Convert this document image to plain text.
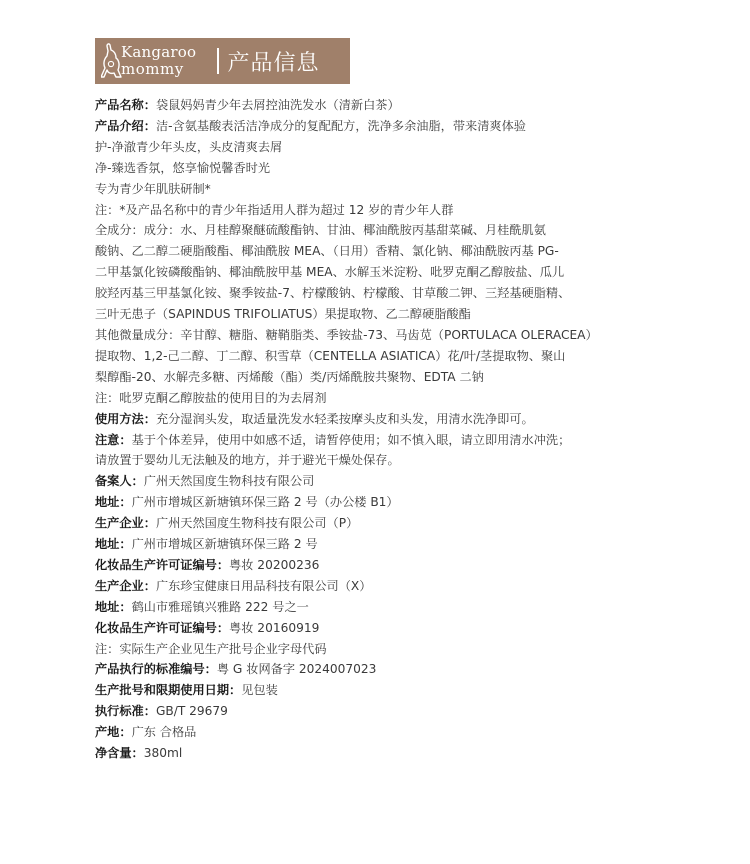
Kangaroo
mommy 产品信息
产品名称：袋鼠妈妈青少年去屑控油洗发水（清新白茶）
产品介绍：洁-含氨基酸表活洁净成分的复配配方，洗净多余油脂，带来清爽体验
护-净澈青少年头皮，头皮清爽去屑
净-臻选香氛，悠享愉悦馨香时光
专为青少年肌肤研制*
注：*及产品名称中的青少年指适用人群为超过 12 岁的青少年人群
全成分：成分：水、月桂醇聚醚硫酸酯钠、甘油、椰油酰胺丙基甜菜碱、月桂酰肌氨
酸钠、乙二醇二硬脂酸酯、椰油酰胺 MEA、（日用）香精、氯化钠、椰油酰胺丙基 PG-
二甲基氯化铵磷酸酯钠、椰油酰胺甲基 MEA、水解玉米淀粉、吡罗克酮乙醇胺盐、瓜儿
胶羟丙基三甲基氯化铵、聚季铵盐-7、柠檬酸钠、柠檬酸、甘草酸二钾、三羟基硬脂精、
三叶无患子（SAPINDUS TRIFOLIATUS）果提取物、乙二醇硬脂酸酯
其他微量成分：辛甘醇、糖脂、糖鞘脂类、季铵盐-73、马齿苋（PORTULACA OLERACEA）
提取物、1,2-己二醇、丁二醇、积雪草（CENTELLA ASIATICA）花/叶/茎提取物、聚山
梨醇酯-20、水解壳多糖、丙烯酸（酯）类/丙烯酰胺共聚物、EDTA 二钠
注：吡罗克酮乙醇胺盐的使用目的为去屑剂
使用方法：充分湿润头发，取适量洗发水轻柔按摩头皮和头发，用清水洗净即可。
注意：基于个体差异，使用中如感不适，请暂停使用；如不慎入眼，请立即用清水冲洗；
请放置于婴幼儿无法触及的地方，并于避光干燥处保存。
备案人：广州天然国度生物科技有限公司
地址：广州市增城区新塘镇环保三路 2 号（办公楼 B1）
生产企业：广州天然国度生物科技有限公司（P）
地址：广州市增城区新塘镇环保三路 2 号
化妆品生产许可证编号：粤妆 20200236
生产企业：广东珍宝健康日用品科技有限公司（X）
地址：鹤山市雅瑶镇兴雅路 222 号之一
化妆品生产许可证编号：粤妆 20160919
注：实际生产企业见生产批号企业字母代码
产品执行的标准编号：粤 G 妆网备字 2024007023
生产批号和限期使用日期：见包装
执行标准：GB/T 29679
产地：广东 合格品
净含量：380ml
